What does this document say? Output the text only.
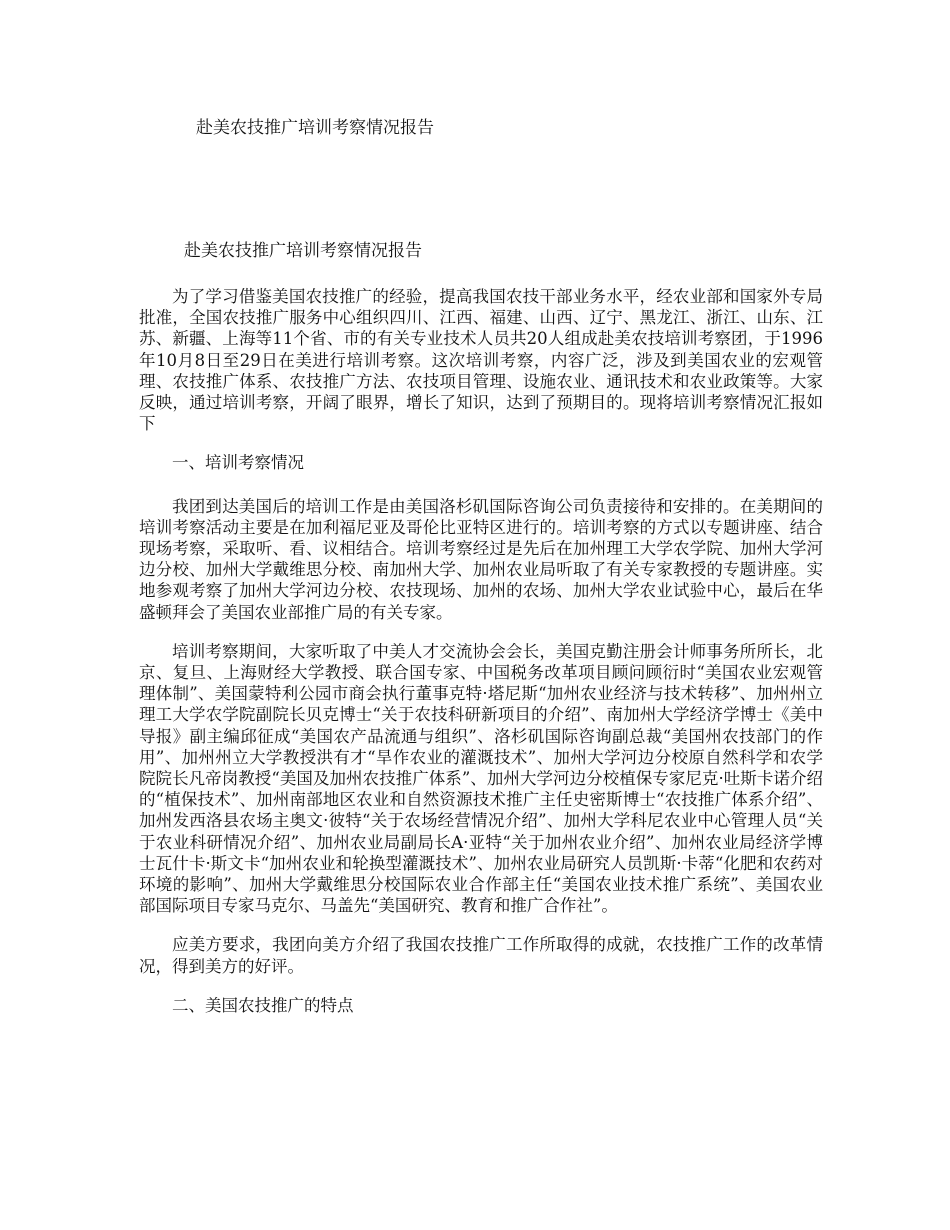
赴美农技推广培训考察情况报告
赴美农技推广培训考察情况报告

为了学习借鉴美国农技推广的经验，提高我国农技干部业务水平，经农业部和国家外专局批准，全国农技推广服务中心组织四川、江西、福建、山西、辽宁、黑龙江、浙江、山东、江苏、新疆、上海等11个省、市的有关专业技术人员共20人组成赴美农技培训考察团，于1996年10月8日至29日在美进行培训考察。这次培训考察，内容广泛，涉及到美国农业的宏观管理、农技推广体系、农技推广方法、农技项目管理、设施农业、通讯技术和农业政策等。大家反映，通过培训考察，开阔了眼界，增长了知识，达到了预期目的。现将培训考察情况汇报如下

一、培训考察情况

我团到达美国后的培训工作是由美国洛杉矶国际咨询公司负责接待和安排的。在美期间的培训考察活动主要是在加利福尼亚及哥伦比亚特区进行的。培训考察的方式以专题讲座、结合现场考察，采取听、看、议相结合。培训考察经过是先后在加州理工大学农学院、加州大学河边分校、加州大学戴维思分校、南加州大学、加州农业局听取了有关专家教授的专题讲座。实地参观考察了加州大学河边分校、农技现场、加州的农场、加州大学农业试验中心，最后在华盛顿拜会了美国农业部推广局的有关专家。

培训考察期间，大家听取了中美人才交流协会会长，美国克勤注册会计师事务所所长，北京、复旦、上海财经大学教授、联合国专家、中国税务改革项目顾问顾衍时“美国农业宏观管理体制”、美国蒙特利公园市商会执行董事克特·塔尼斯“加州农业经济与技术转移”、加州州立理工大学农学院副院长贝克博士“关于农技科研新项目的介绍”、南加州大学经济学博士《美中导报》副主编邱征成“美国农产品流通与组织”、洛杉矶国际咨询副总裁“美国州农技部门的作用”、加州州立大学教授洪有才“旱作农业的灌溉技术”、加州大学河边分校原自然科学和农学院院长凡帝岗教授“美国及加州农技推广体系”、加州大学河边分校植保专家尼克·吐斯卡诺介绍的“植保技术”、加州南部地区农业和自然资源技术推广主任史密斯博士“农技推广体系介绍”、加州发西洛县农场主奥文·彼特“关于农场经营情况介绍”、加州大学科尼农业中心管理人员“关于农业科研情况介绍”、加州农业局副局长A·亚特“关于加州农业介绍”、加州农业局经济学博士瓦什卡·斯文卡“加州农业和轮换型灌溉技术”、加州农业局研究人员凯斯·卡蒂“化肥和农药对环境的影响”、加州大学戴维思分校国际农业合作部主任“美国农业技术推广系统”、美国农业部国际项目专家马克尔、马盖先“美国研究、教育和推广合作社”。

应美方要求，我团向美方介绍了我国农技推广工作所取得的成就，农技推广工作的改革情况，得到美方的好评。

二、美国农技推广的特点
